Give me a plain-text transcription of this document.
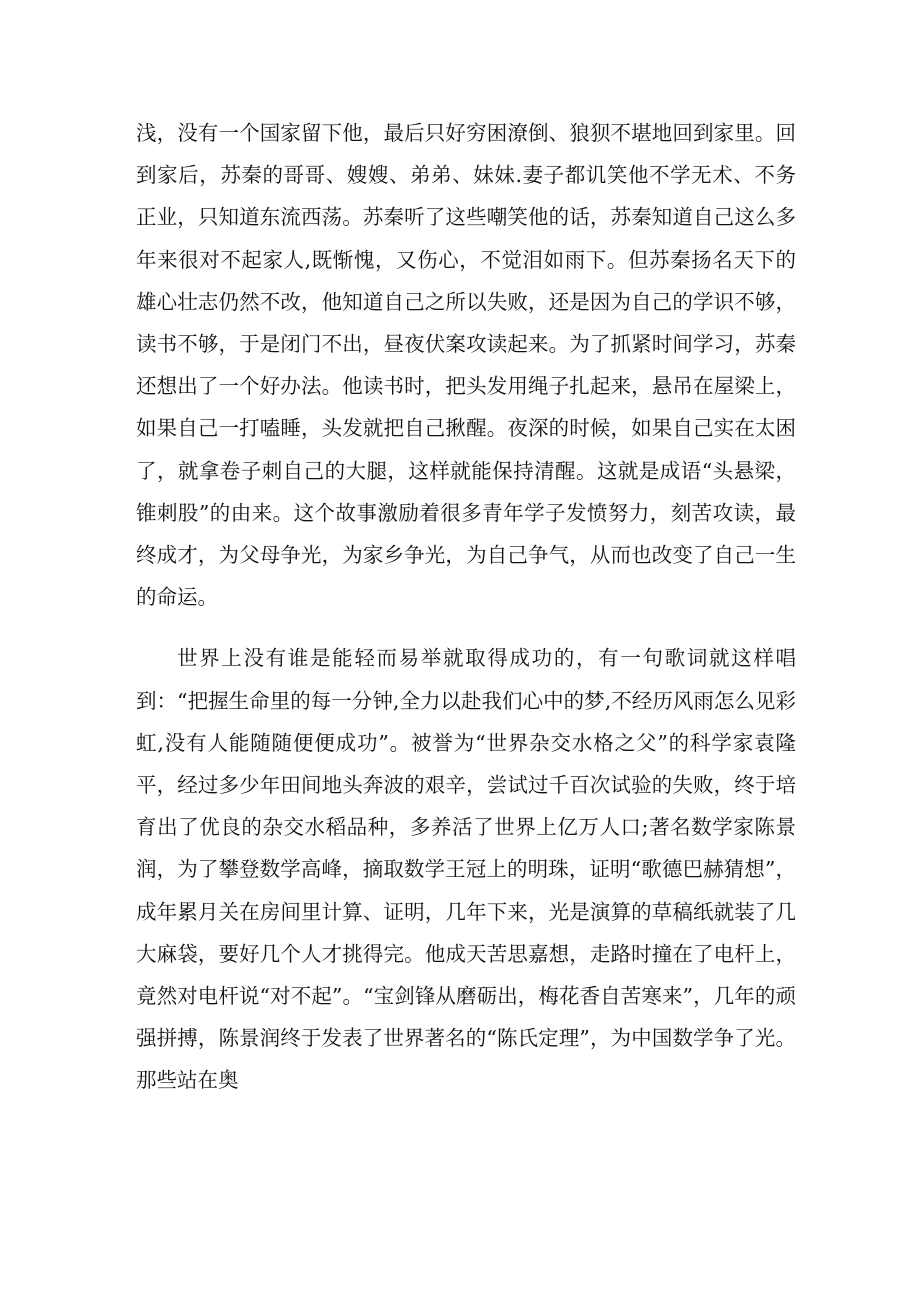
浅，没有一个国家留下他，最后只好穷困潦倒、狼狈不堪地回到家里。回到家后，苏秦的哥哥、嫂嫂、弟弟、妹妹.妻子都讥笑他不学无术、不务正业，只知道东流西荡。苏秦听了这些嘲笑他的话，苏秦知道自己这么多年来很对不起家人,既惭愧，又伤心，不觉泪如雨下。但苏秦扬名天下的雄心壮志仍然不改，他知道自己之所以失败，还是因为自己的学识不够，读书不够，于是闭门不出，昼夜伏案攻读起来。为了抓紧时间学习，苏秦还想出了一个好办法。他读书时，把头发用绳子扎起来，悬吊在屋梁上，如果自己一打嗑睡，头发就把自己揪醒。夜深的时候，如果自己实在太困了，就拿卷子刺自己的大腿，这样就能保持清醒。这就是成语“头悬梁，锥刺股”的由来。这个故事激励着很多青年学子发愤努力，刻苦攻读，最终成才，为父母争光，为家乡争光，为自己争气，从而也改变了自己一生的命运。

世界上没有谁是能轻而易举就取得成功的，有一句歌词就这样唱到：“把握生命里的每一分钟,全力以赴我们心中的梦,不经历风雨怎么见彩虹,没有人能随随便便成功”。被誉为“世界杂交水格之父”的科学家袁隆平，经过多少年田间地头奔波的艰辛，尝试过千百次试验的失败，终于培育出了优良的杂交水稻品种，多养活了世界上亿万人口;著名数学家陈景润，为了攀登数学高峰，摘取数学王冠上的明珠，证明“歌德巴赫猜想”，成年累月关在房间里计算、证明，几年下来，光是演算的草稿纸就装了几大麻袋，要好几个人才挑得完。他成天苦思嘉想，走路时撞在了电杆上，竟然对电杆说“对不起”。“宝剑锋从磨砺出，梅花香自苦寒来”，几年的顽强拼搏，陈景润终于发表了世界著名的“陈氏定理”，为中国数学争了光。那些站在奥
